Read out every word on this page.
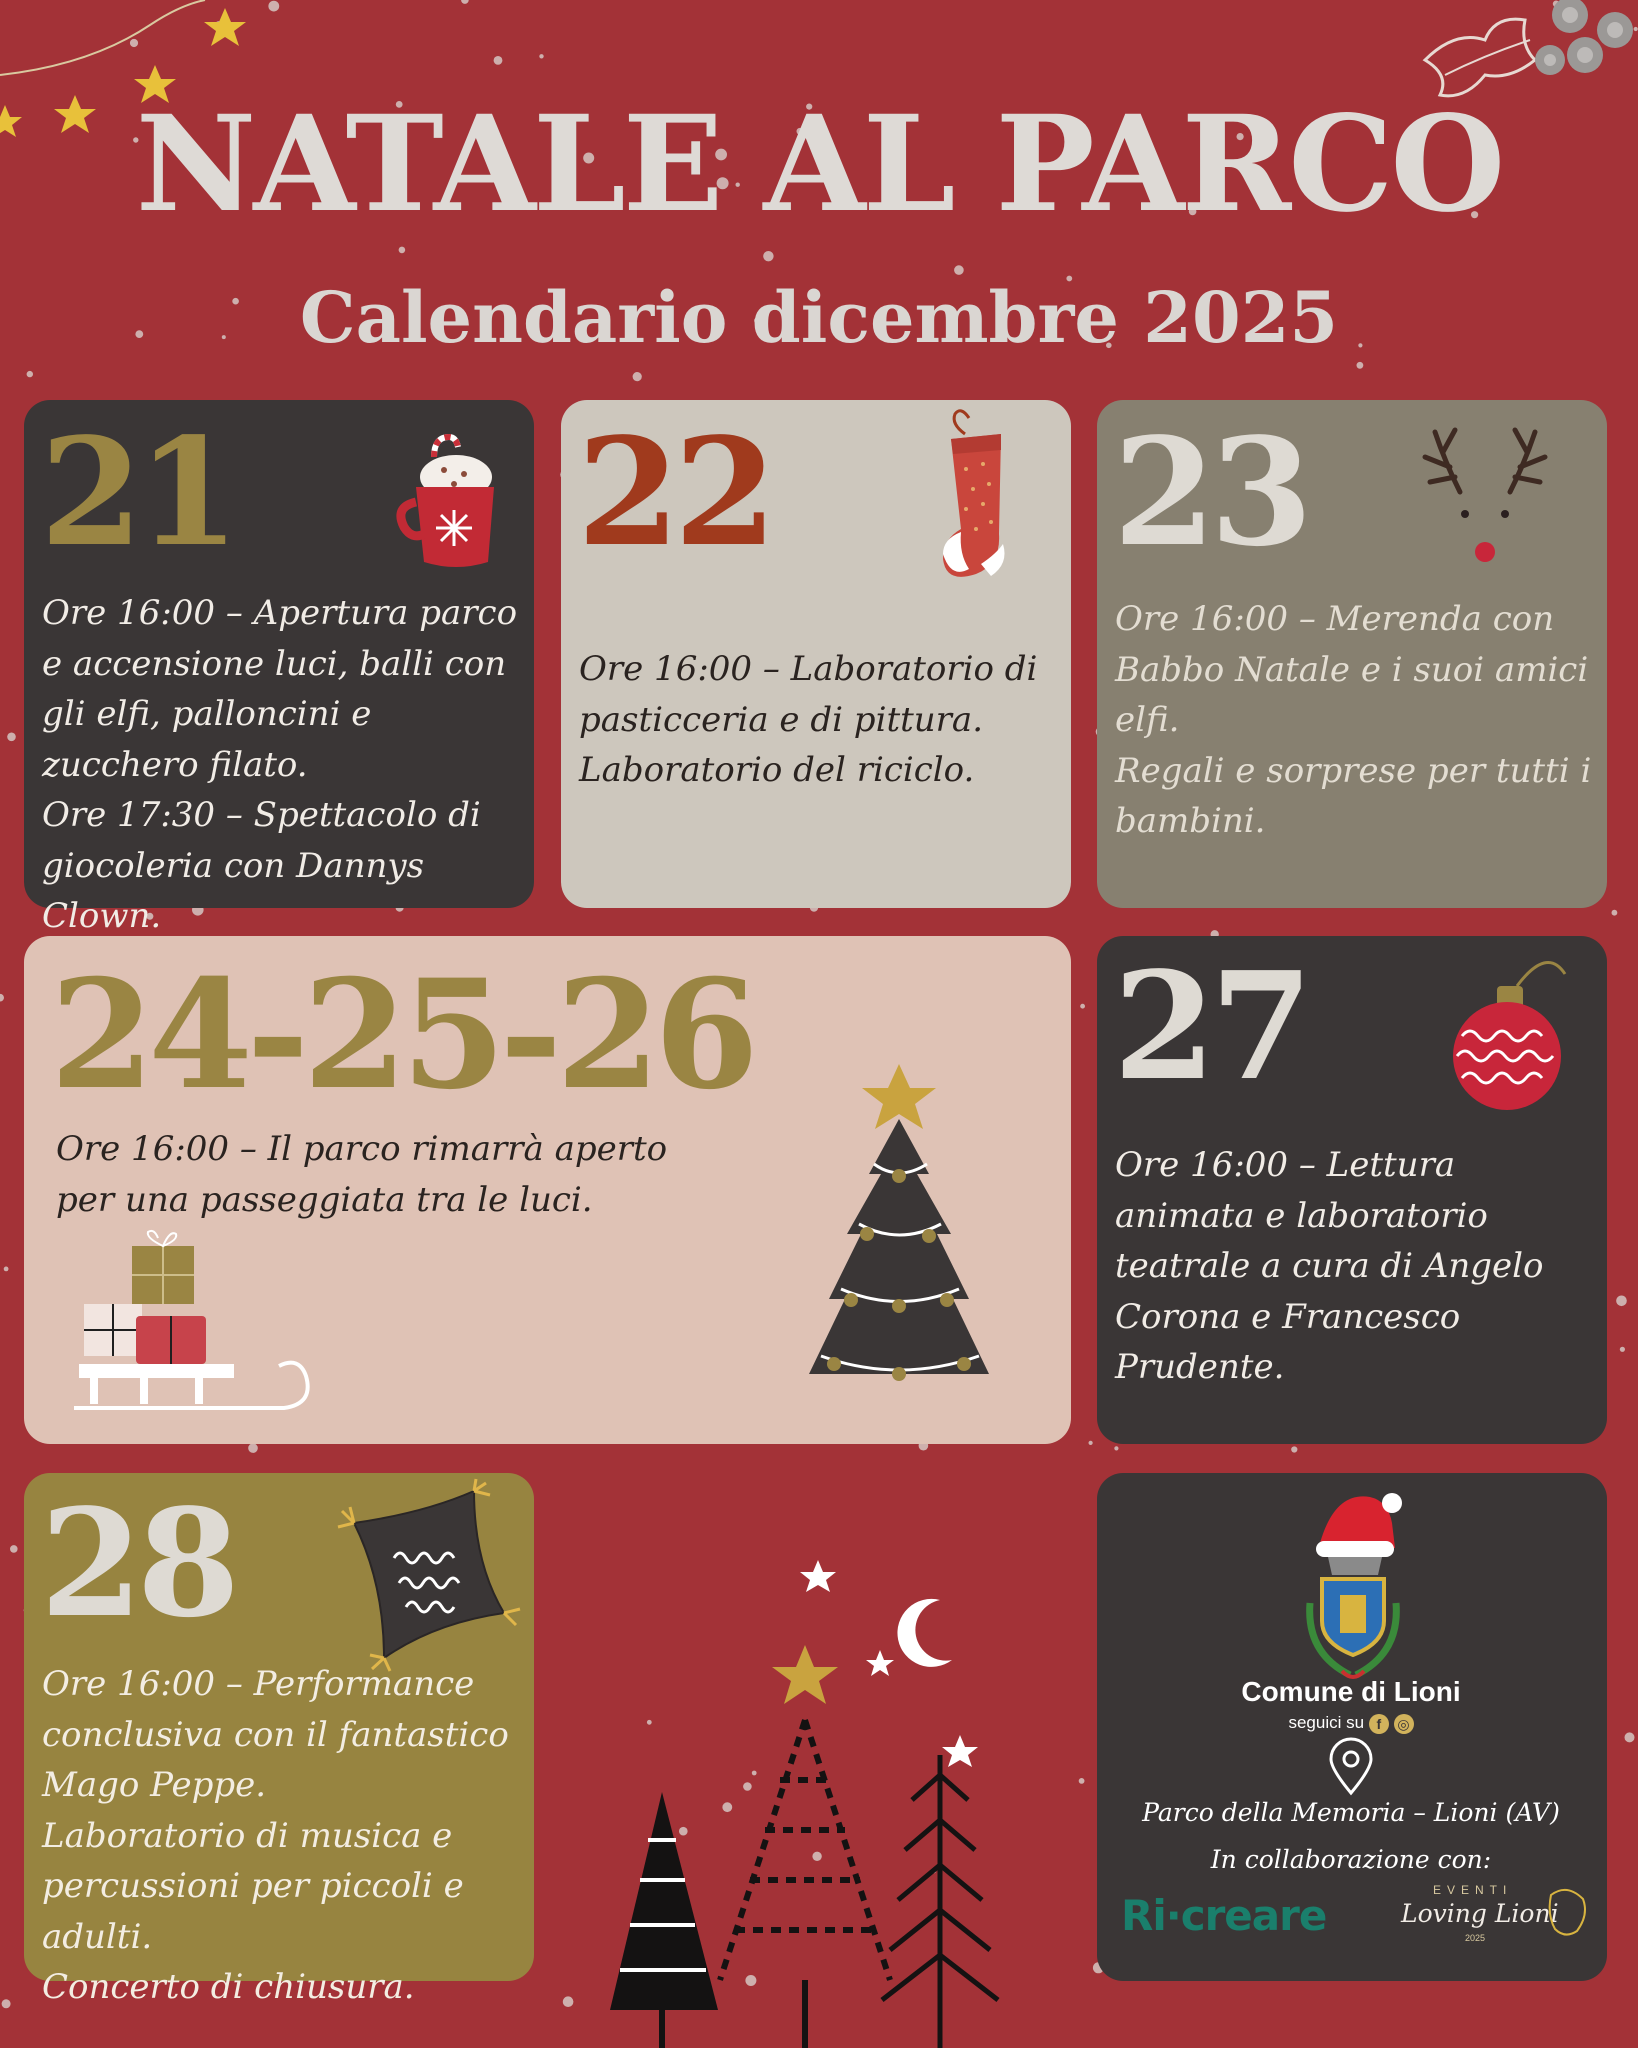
NATALE AL PARCO
Calendario dicembre 2025
21

Ore 16:00 – Apertura parco e accensione luci, balli con gli elfi, palloncini e zucchero filato.

Ore 17:30 – Spettacolo di giocoleria con Dannys Clown.

22

Ore 16:00 – Laboratorio di pasticceria e di pittura.

Laboratorio del riciclo.

23

Ore 16:00 – Merenda con Babbo Natale e i suoi amici elfi.

Regali e sorprese per tutti i bambini.

24-25-26

Ore 16:00 – Il parco rimarrà aperto per una passeggiata tra le luci.

27

Ore 16:00 – Lettura animata e laboratorio teatrale a cura di Angelo Corona e Francesco Prudente.

28

Ore 16:00 – Performance conclusiva con il fantastico Mago Peppe.

Laboratorio di musica e percussioni per piccoli e adulti.

Concerto di chiusura.

Comune di Lioni
seguici su f ◎
Parco della Memoria – Lioni (AV)
In collaborazione con:
Ri·creare
EVENTI
Loving Lioni
2025
